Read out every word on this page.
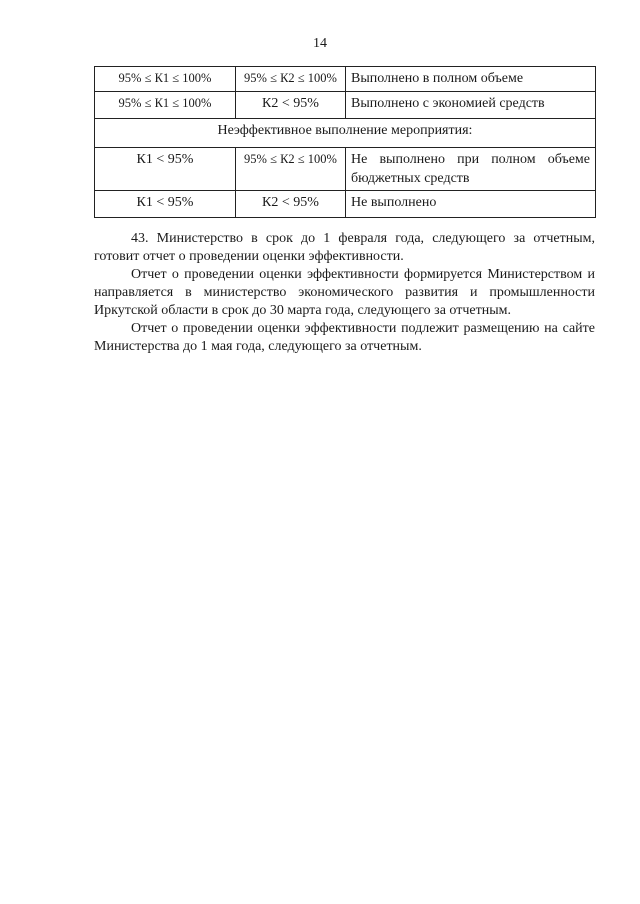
14
95% ≤ К1 ≤ 100%	95% ≤ К2 ≤ 100%	Выполнено в полном объеме
95% ≤ К1 ≤ 100%	К2 < 95%	Выполнено с экономией средств
Неэффективное выполнение мероприятия:		
К1 < 95%	95% ≤ К2 ≤ 100%	Не выполнено при полном объеме бюджетных средств
К1 < 95%	К2 < 95%	Не выполнено

43. Министерство в срок до 1 февраля года, следующего за отчетным, готовит отчет о проведении оценки эффективности.

Отчет о проведении оценки эффективности формируется Министерством и направляется в министерство экономического развития и промышленности Иркутской области в срок до 30 марта года, следующего за отчетным.

Отчет о проведении оценки эффективности подлежит размещению на сайте Министерства до 1 мая года, следующего за отчетным.
